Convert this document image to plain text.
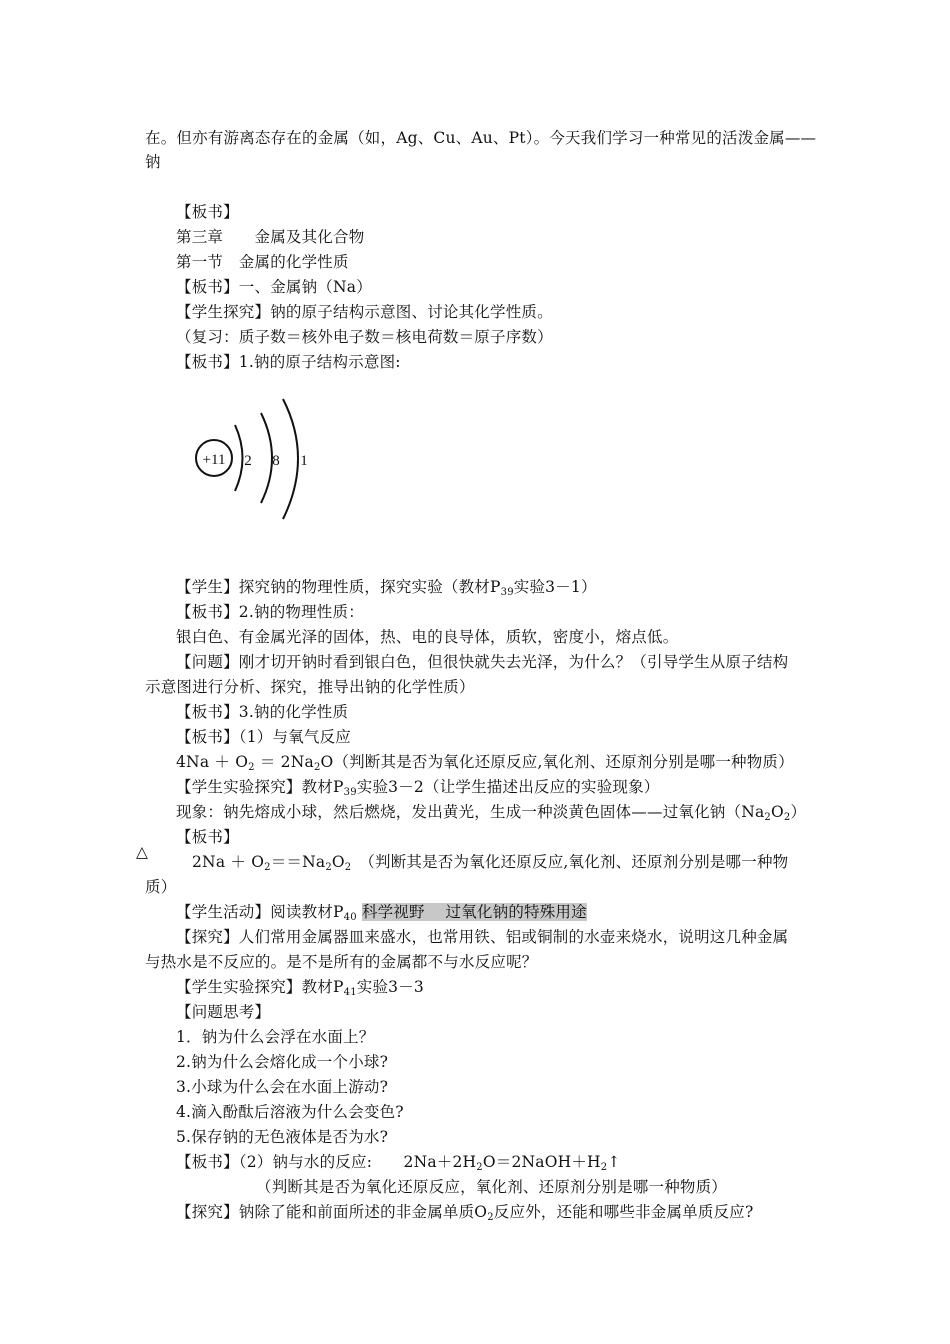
在。但亦有游离态存在的金属（如，Ag、Cu、Au、Pt）。今天我们学习一种常见的活泼金属——
钠
【板书】
第三章　　金属及其化合物
第一节　金属的化学性质
【板书】一、金属钠（Na）
【学生探究】钠的原子结构示意图、讨论其化学性质。
（复习：质子数＝核外电子数＝核电荷数＝原子序数）
【板书】1.钠的原子结构示意图:
+11 2 8 1
【学生】探究钠的物理性质，探究实验（教材$P_{39}$实验3－1）
【板书】2.钠的物理性质：
银白色、有金属光泽的固体，热、电的良导体，质软，密度小，熔点低。
【问题】刚才切开钠时看到银白色，但很快就失去光泽，为什么？（引导学生从原子结构
示意图进行分析、探究，推导出钠的化学性质）
【板书】3.钠的化学性质
【板书】（1）与氧气反应
$4Na + O_2 = 2Na_2O$（判断其是否为氧化还原反应,氧化剂、还原剂分别是哪一种物质）
【学生实验探究】教材$P_{39}$实验3－2（让学生描述出反应的实验现象）
现象：钠先熔成小球，然后燃烧，发出黄光，生成一种淡黄色固体——过氧化钠$(Na_2O_2)$
【板书】
△
$2Na + O_2==Na_2O_2$　（判断其是否为氧化还原反应,氧化剂、还原剂分别是哪一种物
质）
【学生活动】阅读教材$P_{40}$ 科学视野　 过氧化钠的特殊用途
【探究】人们常用金属器皿来盛水，也常用铁、铝或铜制的水壶来烧水，说明这几种金属
与热水是不反应的。是不是所有的金属都不与水反应呢？
【学生实验探究】教材$P_{41}$实验3－3
【问题思考】
1．钠为什么会浮在水面上？
2.钠为什么会熔化成一个小球?
3.小球为什么会在水面上游动?
4.滴入酚酞后溶液为什么会变色?
5.保存钠的无色液体是否为水?
【板书】（2）钠与水的反应:　　$2Na+2H_2O=2NaOH+H_2↑$
（判断其是否为氧化还原反应，氧化剂、还原剂分别是哪一种物质）
【探究】钠除了能和前面所述的非金属单质$O_2$反应外，还能和哪些非金属单质反应?
